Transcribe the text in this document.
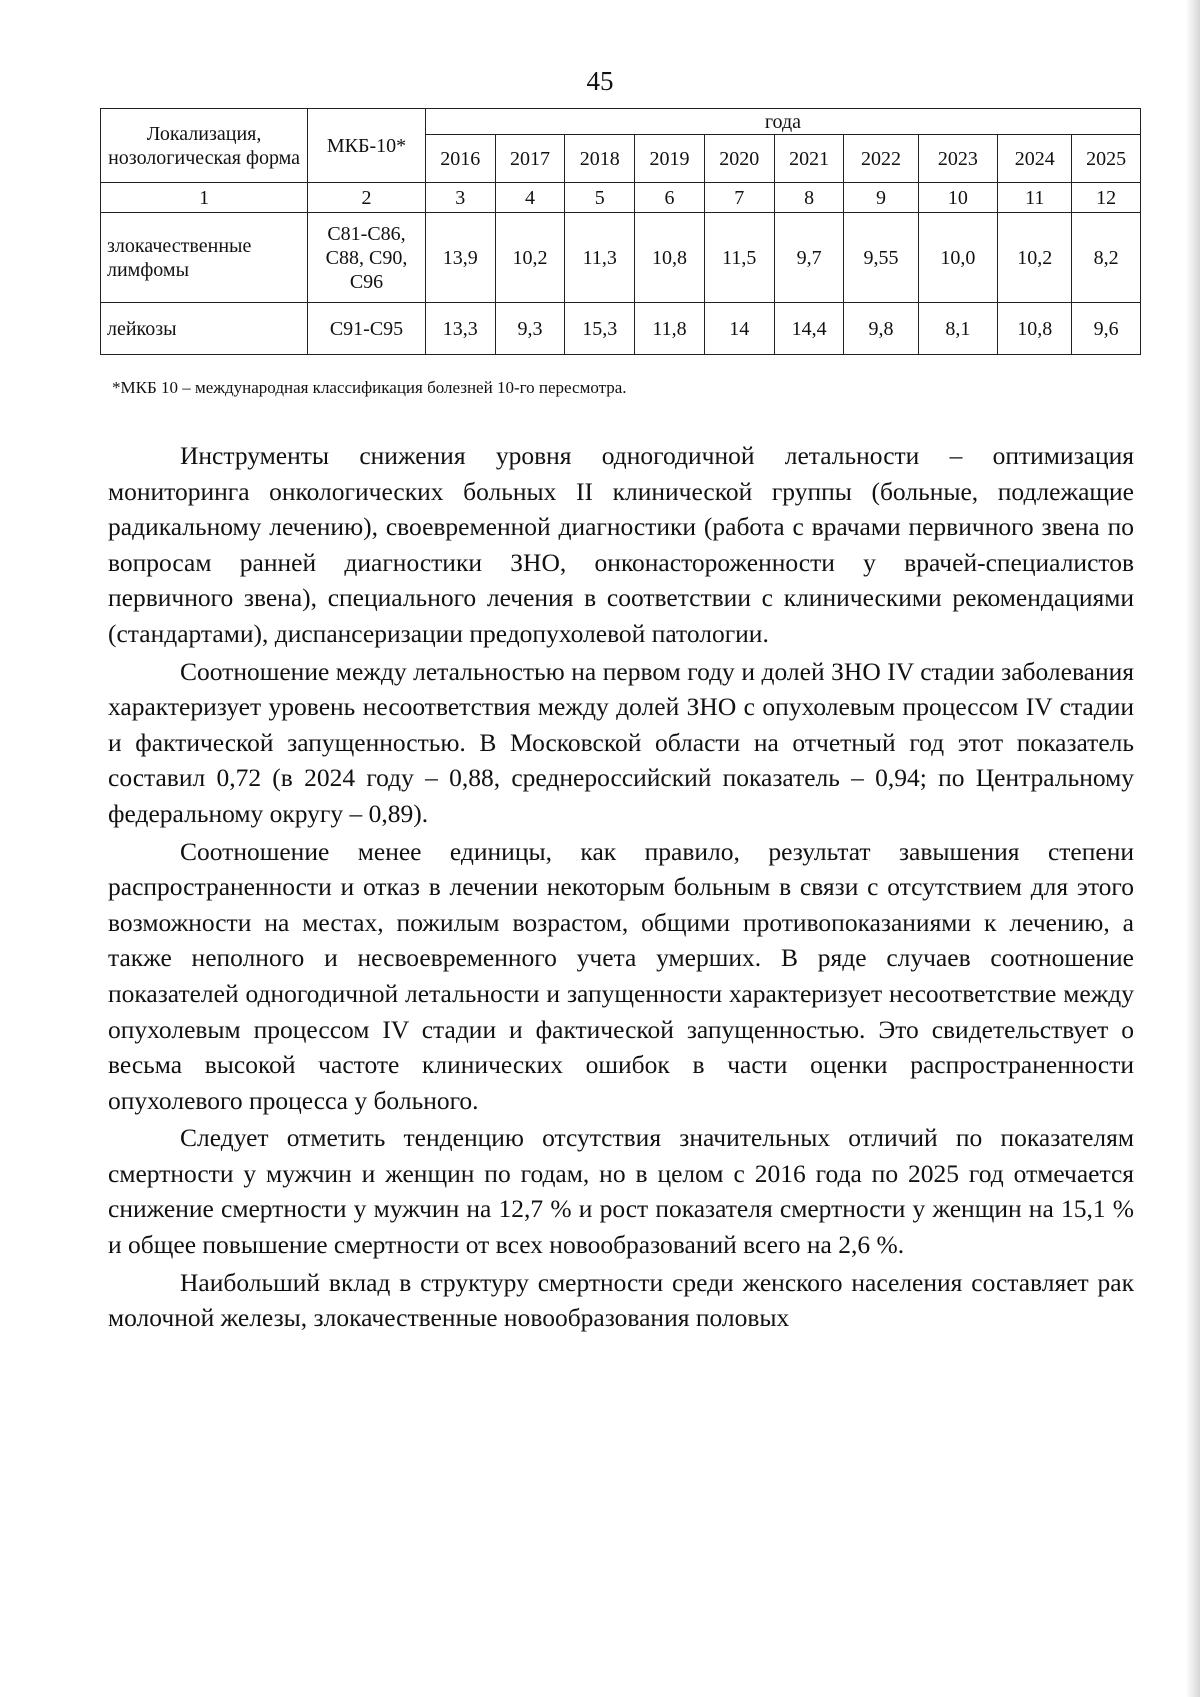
45
Локализация, нозологическая форма	МКБ-10*	года									
		2016	2017	2018	2019	2020	2021	2022	2023	2024	2025
1	2	3	4	5	6	7	8	9	10	11	12
злокачественные лимфомы	С81-С86, С88, С90, С96	13,9	10,2	11,3	10,8	11,5	9,7	9,55	10,0	10,2	8,2
лейкозы	С91-С95	13,3	9,3	15,3	11,8	14	14,4	9,8	8,1	10,8	9,6
*МКБ 10 – международная классификация болезней 10-го пересмотра.

Инструменты снижения уровня одногодичной летальности – оптимизация мониторинга онкологических больных II клинической группы (больные, подлежащие радикальному лечению), своевременной диагностики (работа с врачами первичного звена по вопросам ранней диагностики ЗНО, онконастороженности у врачей-специалистов первичного звена), специального лечения в соответствии с клиническими рекомендациями (стандартами), диспансеризации предопухолевой патологии.

Соотношение между летальностью на первом году и долей ЗНО IV стадии заболевания характеризует уровень несоответствия между долей ЗНО с опухолевым процессом IV стадии и фактической запущенностью. В Московской области на отчетный год этот показатель составил 0,72 (в 2024 году – 0,88, среднероссийский показатель – 0,94; по Центральному федеральному округу – 0,89).

Соотношение менее единицы, как правило, результат завышения степени распространенности и отказ в лечении некоторым больным в связи с отсутствием для этого возможности на местах, пожилым возрастом, общими противопоказаниями к лечению, а также неполного и несвоевременного учета умерших. В ряде случаев соотношение показателей одногодичной летальности и запущенности характеризует несоответствие между опухолевым процессом IV стадии и фактической запущенностью. Это свидетельствует о весьма высокой частоте клинических ошибок в части оценки распространенности опухолевого процесса у больного.

Следует отметить тенденцию отсутствия значительных отличий по показателям смертности у мужчин и женщин по годам, но в целом с 2016 года по 2025 год отмечается снижение смертности у мужчин на 12,7 % и рост показателя смертности у женщин на 15,1 % и общее повышение смертности от всех новообразований всего на 2,6 %.

Наибольший вклад в структуру смертности среди женского населения составляет рак молочной железы, злокачественные новообразования половых
